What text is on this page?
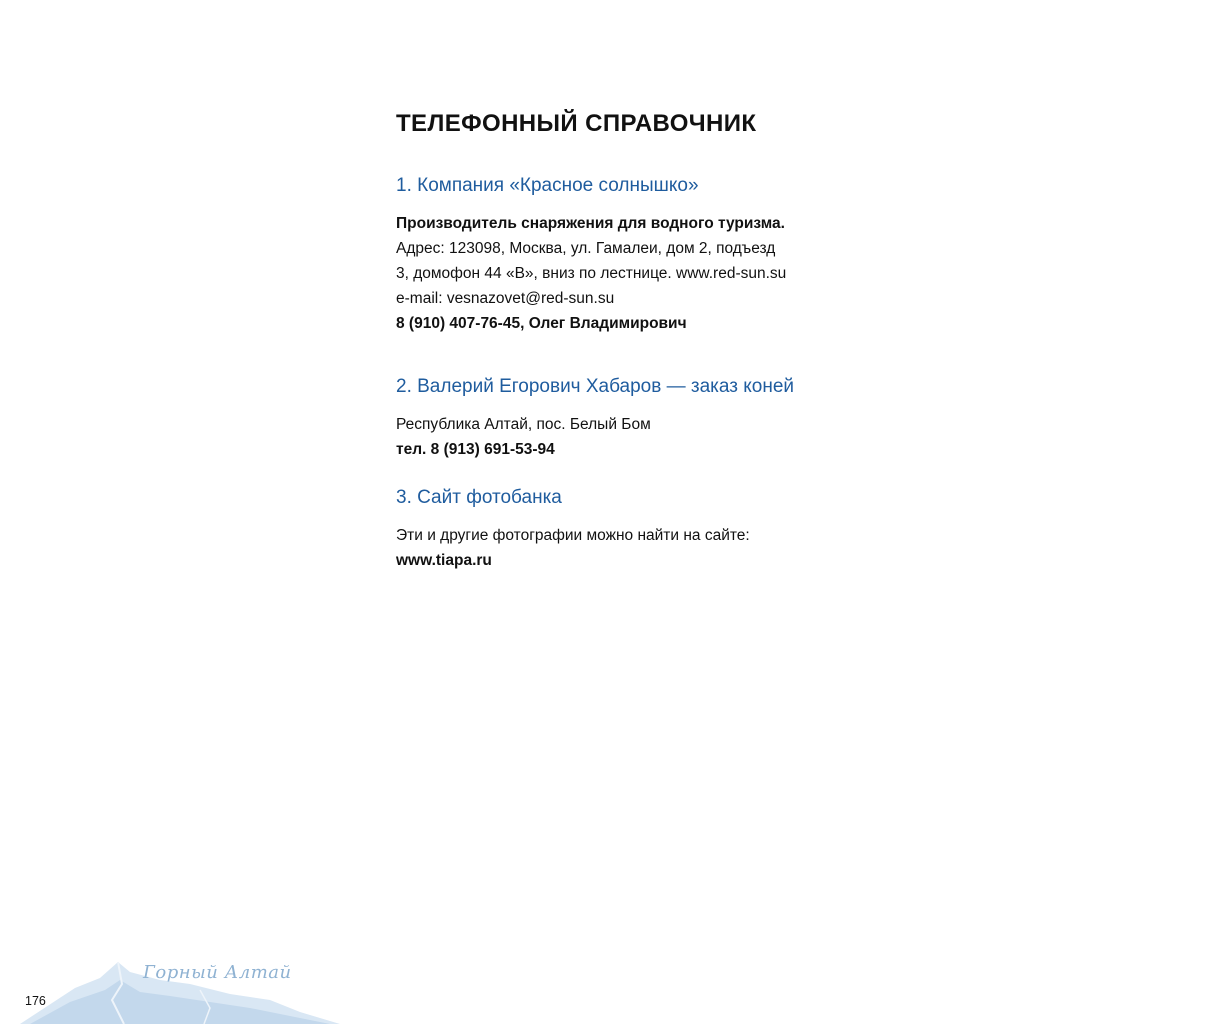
ТЕЛЕФОННЫЙ СПРАВОЧНИК
1. Компания «Красное солнышко»
Производитель снаряжения для водного туризма.
Адрес: 123098, Москва, ул. Гамалеи, дом 2, подъезд
3, домофон 44 «В», вниз по лестнице. www.red-sun.su
e-mail: vesnazovet@red-sun.su
8 (910) 407-76-45, Олег Владимирович
2. Валерий Егорович Хабаров — заказ коней
Республика Алтай, пос. Белый Бом
тел. 8 (913) 691-53-94
3. Сайт фотобанка
Эти и другие фотографии можно найти на сайте:
www.tiapa.ru
Горный Алтай
176
